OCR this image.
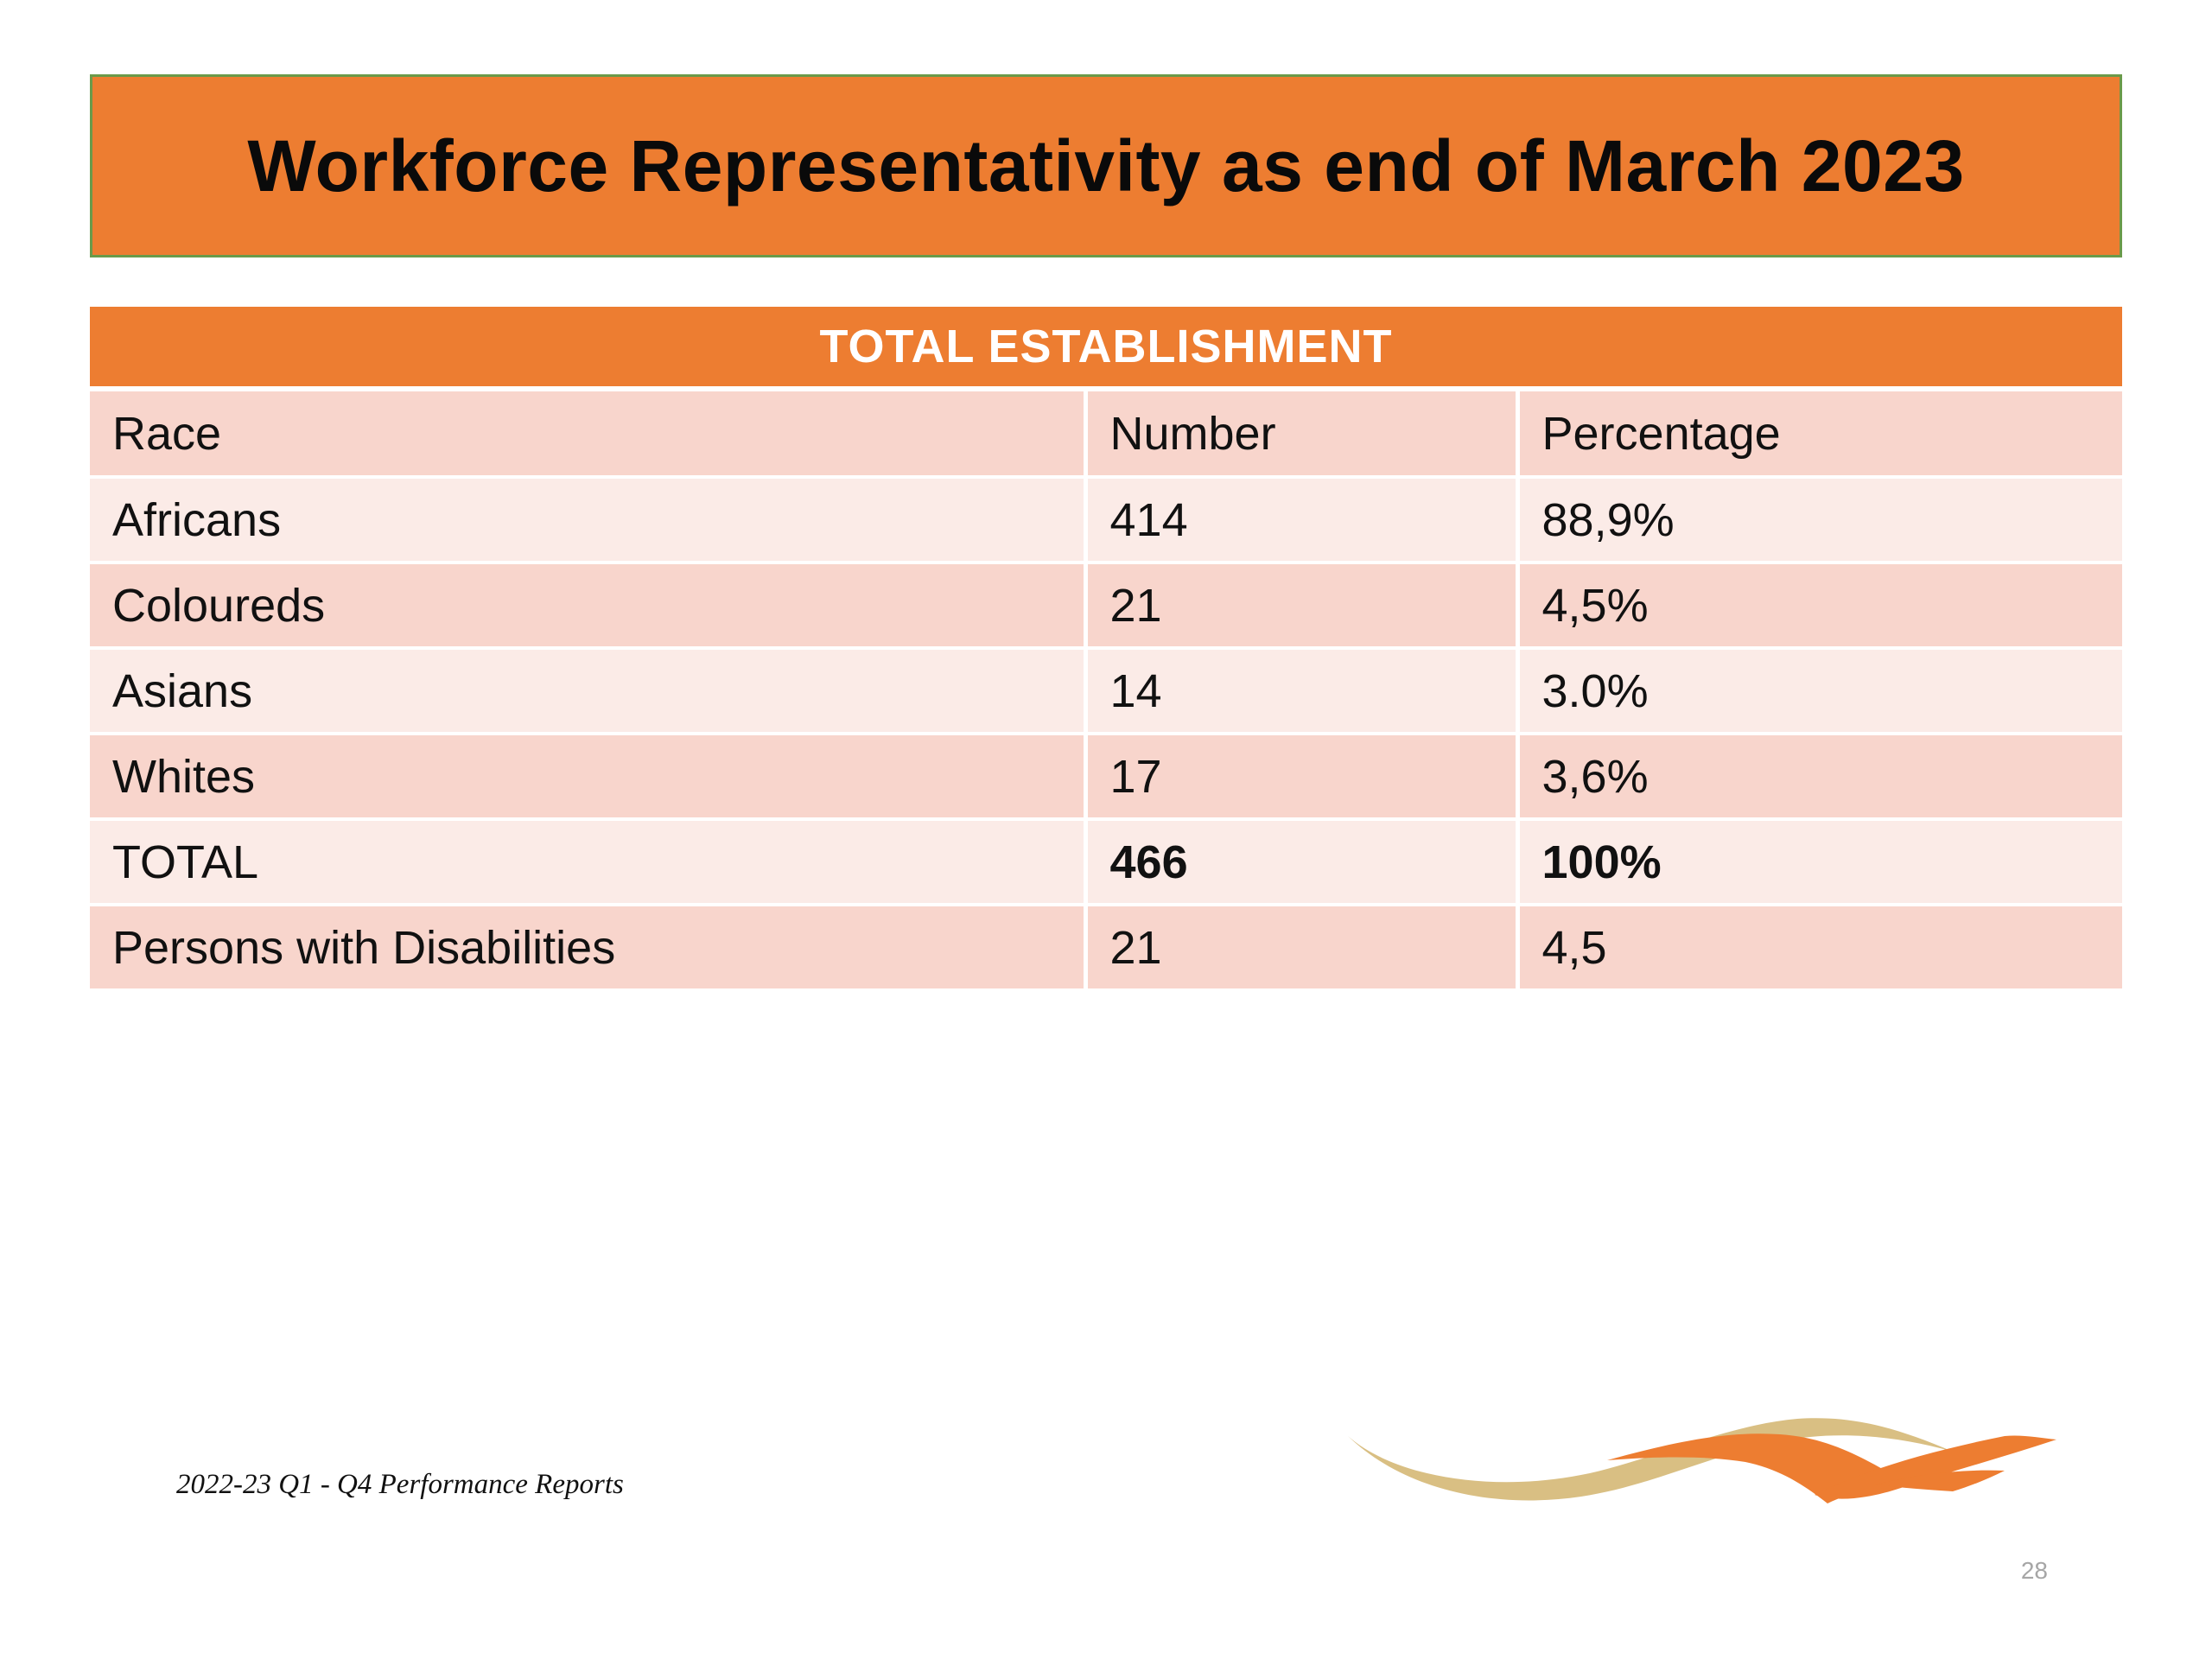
Workforce Representativity as end of March 2023
TOTAL ESTABLISHMENT
Race	Number	Percentage
Africans	414	88,9%
Coloureds	21	4,5%
Asians	14	3.0%
Whites	17	3,6%
TOTAL	466	100%
Persons with Disabilities	21	4,5
2022-23 Q1 - Q4 Performance Reports
28
